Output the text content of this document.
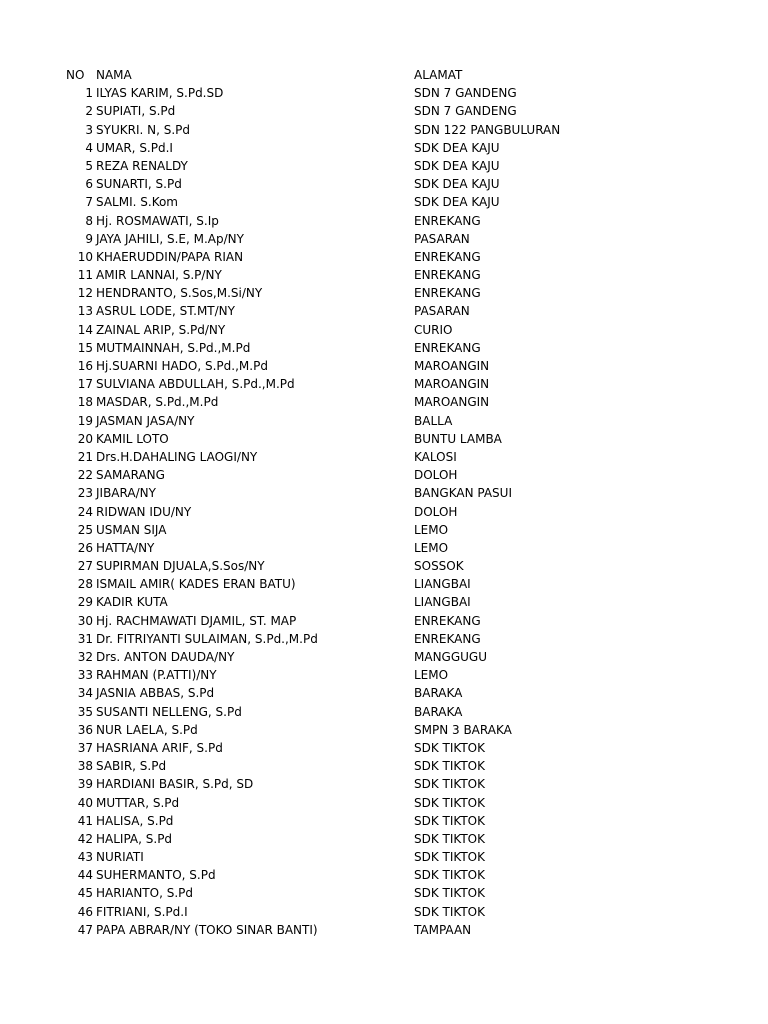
NO NAMA	ALAMAT
1 ILYAS KARIM, S.Pd.SD	SDN 7 GANDENG
2 SUPIATI, S.Pd	SDN 7 GANDENG
3 SYUKRI. N, S.Pd	SDN 122 PANGBULURAN
4 UMAR, S.Pd.I	SDK DEA KAJU
5 REZA RENALDY	SDK DEA KAJU
6 SUNARTI, S.Pd	SDK DEA KAJU
7 SALMI. S.Kom	SDK DEA KAJU
8 Hj. ROSMAWATI, S.Ip	ENREKANG
9 JAYA JAHILI, S.E, M.Ap/NY	PASARAN
10 KHAERUDDIN/PAPA RIAN	ENREKANG
11 AMIR LANNAI, S.P/NY	ENREKANG
12 HENDRANTO, S.Sos,M.Si/NY	ENREKANG
13 ASRUL LODE, ST.MT/NY	PASARAN
14 ZAINAL ARIP, S.Pd/NY	CURIO
15 MUTMAINNAH, S.Pd.,M.Pd	ENREKANG
16 Hj.SUARNI HADO, S.Pd.,M.Pd	MAROANGIN
17 SULVIANA ABDULLAH, S.Pd.,M.Pd	MAROANGIN
18 MASDAR, S.Pd.,M.Pd	MAROANGIN
19 JASMAN JASA/NY	BALLA
20 KAMIL LOTO	BUNTU LAMBA
21 Drs.H.DAHALING LAOGI/NY	KALOSI
22 SAMARANG	DOLOH
23 JIBARA/NY	BANGKAN PASUI
24 RIDWAN IDU/NY	DOLOH
25 USMAN SIJA	LEMO
26 HATTA/NY	LEMO
27 SUPIRMAN DJUALA,S.Sos/NY	SOSSOK
28 ISMAIL AMIR( KADES ERAN BATU)	LIANGBAI
29 KADIR KUTA	LIANGBAI
30 Hj. RACHMAWATI DJAMIL, ST. MAP	ENREKANG
31 Dr. FITRIYANTI SULAIMAN, S.Pd.,M.Pd	ENREKANG
32 Drs. ANTON DAUDA/NY	MANGGUGU
33 RAHMAN (P.ATTI)/NY	LEMO
34 JASNIA ABBAS, S.Pd	BARAKA
35 SUSANTI NELLENG, S.Pd	BARAKA
36 NUR LAELA, S.Pd	SMPN 3 BARAKA
37 HASRIANA ARIF, S.Pd	SDK TIKTOK
38 SABIR, S.Pd	SDK TIKTOK
39 HARDIANI BASIR, S.Pd, SD	SDK TIKTOK
40 MUTTAR, S.Pd	SDK TIKTOK
41 HALISA, S.Pd	SDK TIKTOK
42 HALIPA, S.Pd	SDK TIKTOK
43 NURIATI	SDK TIKTOK
44 SUHERMANTO, S.Pd	SDK TIKTOK
45 HARIANTO, S.Pd	SDK TIKTOK
46 FITRIANI, S.Pd.I	SDK TIKTOK
47 PAPA ABRAR/NY (TOKO SINAR BANTI)	TAMPAAN
